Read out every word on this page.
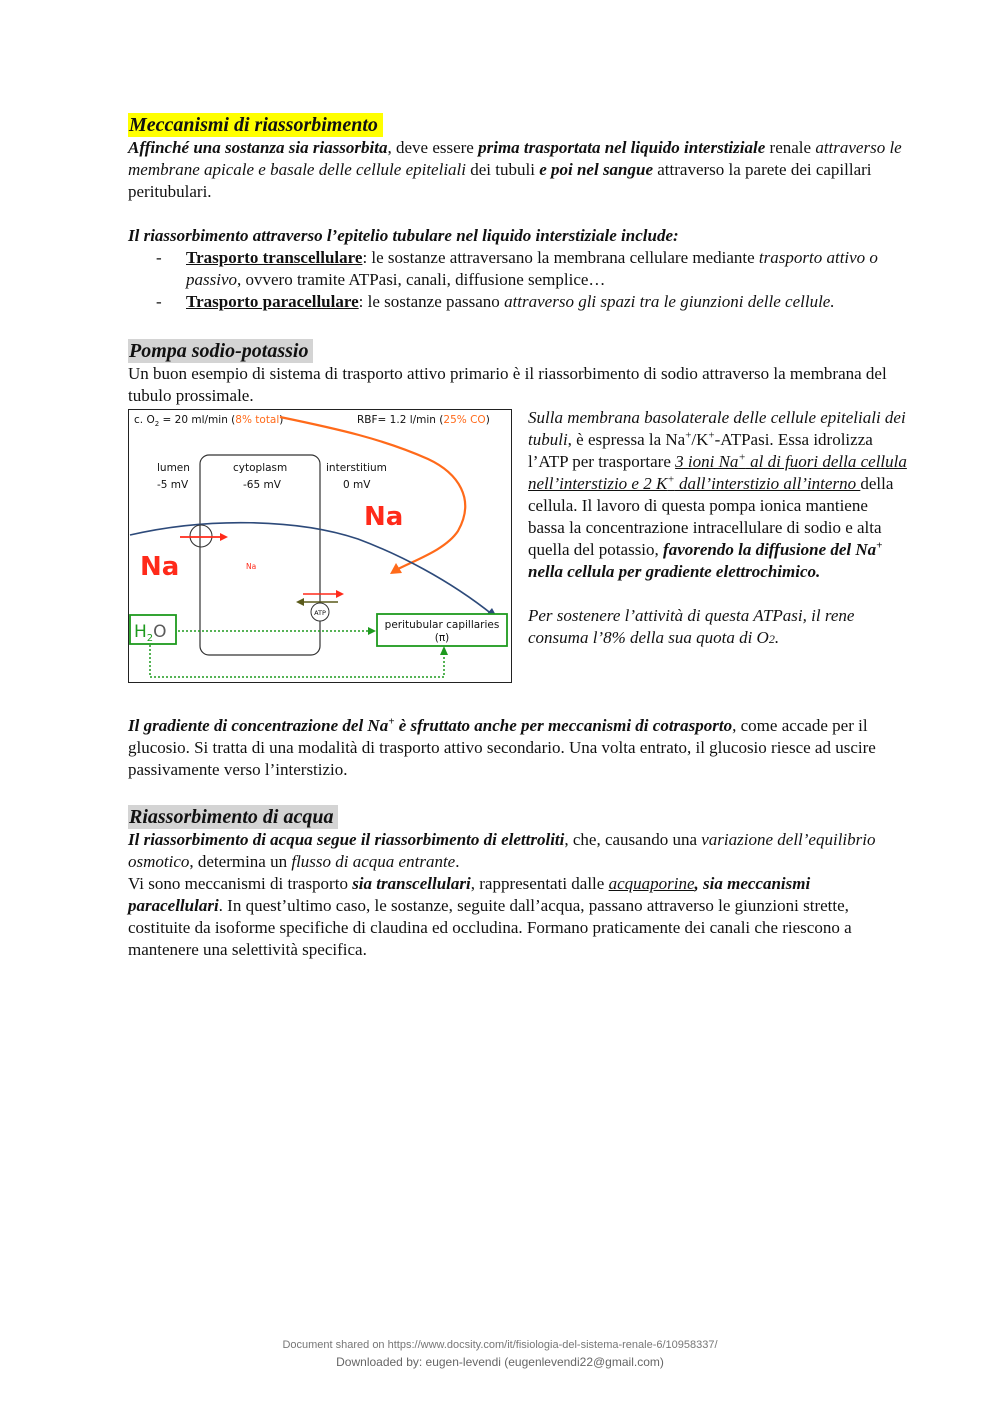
Meccanismi di riassorbimento

Affinché una sostanza sia riassorbita, deve essere prima trasportata nel liquido interstiziale renale attraverso le membrane apicale e basale delle cellule epiteliali dei tubuli e poi nel sangue attraverso la parete dei capillari peritubulari.

Il riassorbimento attraverso l’epitelio tubulare nel liquido interstiziale include:

- Trasporto transcellulare: le sostanze attraversano la membrana cellulare mediante trasporto attivo o passivo, ovvero tramite ATPasi, canali, diffusione semplice…
- Trasporto paracellulare: le sostanze passano attraverso gli spazi tra le giunzioni delle cellule.
Pompa sodio-potassio

Un buon esempio di sistema di trasporto attivo primario è il riassorbimento di sodio attraverso la membrana del tubulo prossimale.

c. $O_2 = 20$ ml/min (8% total)	RBF= 1.2 l/min (25% CO)
lumen
-5 mV
cytoplasm
-65 mV
interstitium
0 mV
Na
Na	Na
ATP
$H_2O$	peritubular capillaries
(π)

Sulla membrana basolaterale delle cellule epiteliali dei tubuli, è espressa la Na+/K+-ATPasi. Essa idrolizza l’ATP per trasportare 3 ioni Na+ al di fuori della cellula nell’interstizio e 2 K+ dall’interstizio all’interno della cellula. Il lavoro di questa pompa ionica mantiene bassa la concentrazione intracellulare di sodio e alta quella del potassio, favorendo la diffusione del Na+ nella cellula per gradiente elettrochimico.

Per sostenere l’attività di questa ATPasi, il rene consuma l’8% della sua quota di O2.

Il gradiente di concentrazione del Na+ è sfruttato anche per meccanismi di cotrasporto, come accade per il glucosio. Si tratta di una modalità di trasporto attivo secondario. Una volta entrato, il glucosio riesce ad uscire passivamente verso l’interstizio.

Riassorbimento di acqua

Il riassorbimento di acqua segue il riassorbimento di elettroliti, che, causando una variazione dell’equilibrio osmotico, determina un flusso di acqua entrante.

Vi sono meccanismi di trasporto sia transcellulari, rappresentati dalle acquaporine, sia meccanismi paracellulari. In quest’ultimo caso, le sostanze, seguite dall’acqua, passano attraverso le giunzioni strette, costituite da isoforme specifiche di claudina ed occludina. Formano praticamente dei canali che riescono a mantenere una selettività specifica.

Document shared on https://www.docsity.com/it/fisiologia-del-sistema-renale-6/10958337/
Downloaded by: eugen-levendi (eugenlevendi22@gmail.com)
